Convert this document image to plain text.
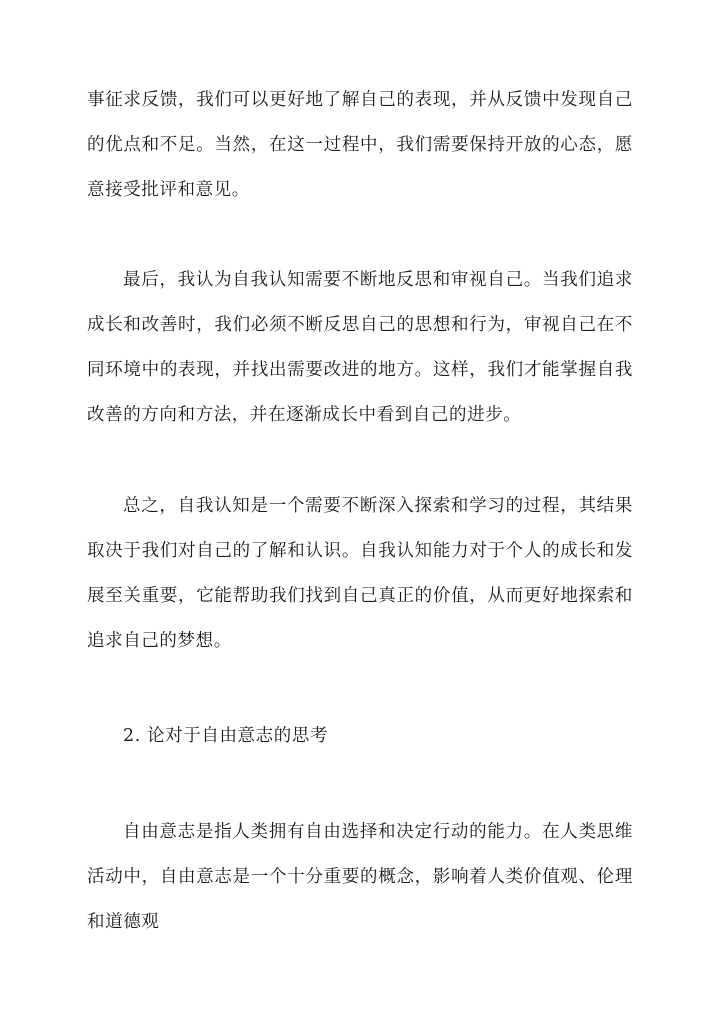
事征求反馈，我们可以更好地了解自己的表现，并从反馈中发现自己的优点和不足。当然，在这一过程中，我们需要保持开放的心态，愿意接受批评和意见。

最后，我认为自我认知需要不断地反思和审视自己。当我们追求成长和改善时，我们必须不断反思自己的思想和行为，审视自己在不同环境中的表现，并找出需要改进的地方。这样，我们才能掌握自我改善的方向和方法，并在逐渐成长中看到自己的进步。

总之，自我认知是一个需要不断深入探索和学习的过程，其结果取决于我们对自己的了解和认识。自我认知能力对于个人的成长和发展至关重要，它能帮助我们找到自己真正的价值，从而更好地探索和追求自己的梦想。

2. 论对于自由意志的思考

自由意志是指人类拥有自由选择和决定行动的能力。在人类思维活动中，自由意志是一个十分重要的概念，影响着人类价值观、伦理和道德观
